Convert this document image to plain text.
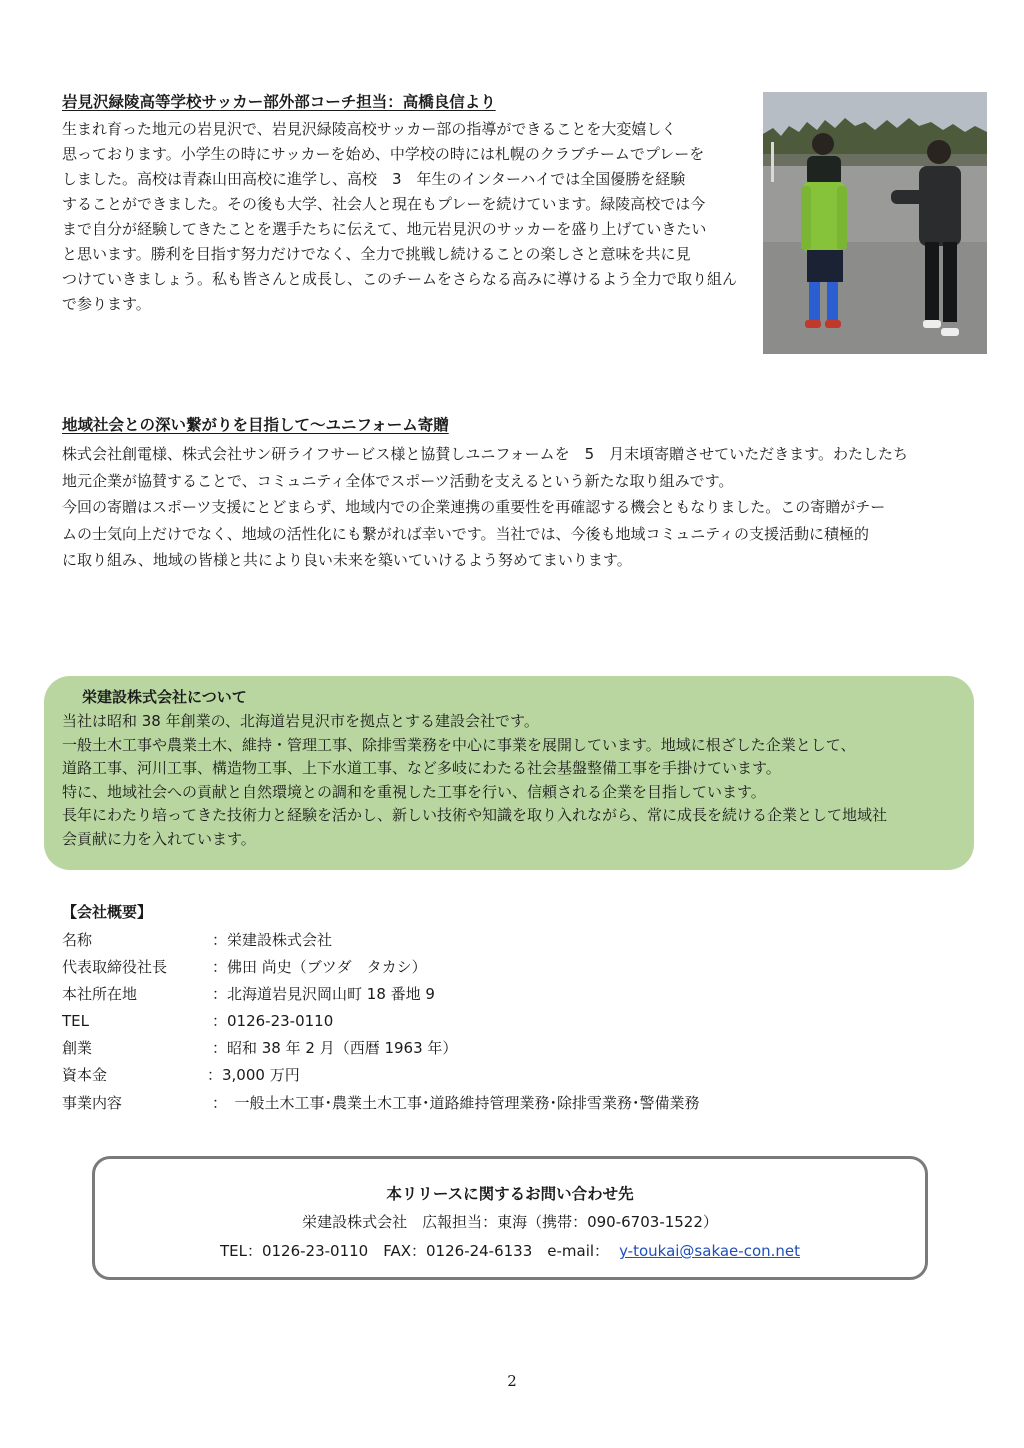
岩見沢緑陵高等学校サッカー部外部コーチ担当：高橋良信より
生まれ育った地元の岩見沢で、岩見沢緑陵高校サッカー部の指導ができることを大変嬉しく
思っております。小学生の時にサッカーを始め、中学校の時には札幌のクラブチームでプレーを
しました。高校は青森山田高校に進学し、高校　3　年生のインターハイでは全国優勝を経験
することができました。その後も大学、社会人と現在もプレーを続けています。緑陵高校では今
まで自分が経験してきたことを選手たちに伝えて、地元岩見沢のサッカーを盛り上げていきたい
と思います。勝利を目指す努力だけでなく、全力で挑戦し続けることの楽しさと意味を共に見
つけていきましょう。私も皆さんと成長し、このチームをさらなる高みに導けるよう全力で取り組ん
で参ります。
地域社会との深い繋がりを目指して～ユニフォーム寄贈
株式会社創電様、株式会社サン研ライフサービス様と協賛しユニフォームを　5　月末頃寄贈させていただきます。わたしたち
地元企業が協賛することで、コミュニティ全体でスポーツ活動を支えるという新たな取り組みです。
今回の寄贈はスポーツ支援にとどまらず、地域内での企業連携の重要性を再確認する機会ともなりました。この寄贈がチー
ムの士気向上だけでなく、地域の活性化にも繋がれば幸いです。当社では、今後も地域コミュニティの支援活動に積極的
に取り組み、地域の皆様と共により良い未来を築いていけるよう努めてまいります。
栄建設株式会社について
当社は昭和 38 年創業の、北海道岩見沢市を拠点とする建設会社です。
一般土木工事や農業土木、維持・管理工事、除排雪業務を中心に事業を展開しています。地域に根ざした企業として、
道路工事、河川工事、構造物工事、上下水道工事、など多岐にわたる社会基盤整備工事を手掛けています。
特に、地域社会への貢献と自然環境との調和を重視した工事を行い、信頼される企業を目指しています。
長年にわたり培ってきた技術力と経験を活かし、新しい技術や知識を取り入れながら、常に成長を続ける企業として地域社
会貢献に力を入れています。
【会社概要】
名称	：栄建設株式会社
代表取締役社長	：佛田 尚史（ブツダ　タカシ）
本社所在地	：北海道岩見沢岡山町 18 番地 9
TEL	：0126-23-0110
創業	：昭和 38 年 2 月（西暦 1963 年）
資本金	：3,000 万円
事業内容	：　一般土木工事･農業土木工事･道路維持管理業務･除排雪業務･警備業務
本リリースに関するお問い合わせ先
栄建設株式会社　広報担当：東海（携帯：090-6703-1522）
TEL：0126-23-0110　FAX：0126-24-6133　e-mail： y-toukai@sakae-con.net
2
